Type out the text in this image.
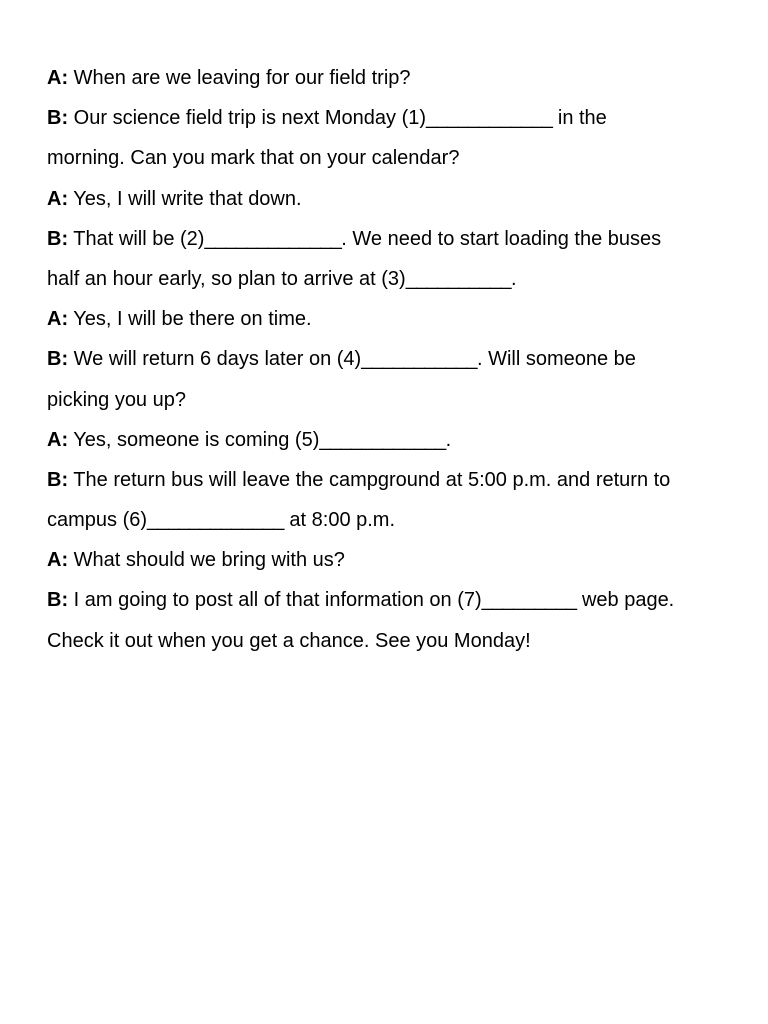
A: When are we leaving for our field trip?
B: Our science field trip is next Monday (1)____________ in the
morning. Can you mark that on your calendar?
A: Yes, I will write that down.
B: That will be (2)_____________. We need to start loading the buses
half an hour early, so plan to arrive at (3)__________.
A: Yes, I will be there on time.
B: We will return 6 days later on (4)___________. Will someone be
picking you up?
A: Yes, someone is coming (5)____________.
B: The return bus will leave the campground at 5:00 p.m. and return to
campus (6)_____________ at 8:00 p.m.
A: What should we bring with us?
B: I am going to post all of that information on (7)_________ web page.
Check it out when you get a chance. See you Monday!
